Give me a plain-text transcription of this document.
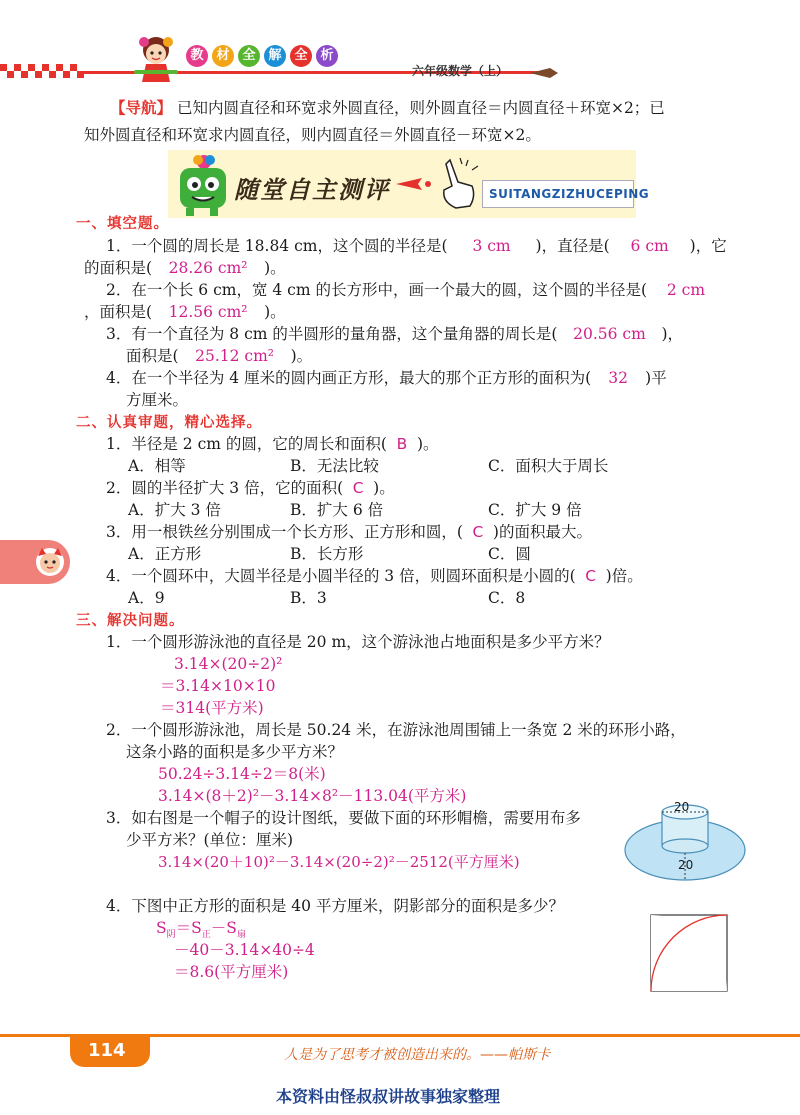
教 材 全 解 全 析
六年级数学（上）
【导航】 已知内圆直径和环宽求外圆直径，则外圆直径＝内圆直径＋环宽×2；已
知外圆直径和环宽求内圆直径，则内圆直径＝外圆直径－环宽×2。
随堂自主测评	SUITANGZIZHUCEPING
一、填空题。
1．一个圆的周长是 18.84 cm，这个圆的半径是( 3 cm )，直径是( 6 cm )，它
的面积是( 28.26 cm² )。
2．在一个长 6 cm，宽 4 cm 的长方形中，画一个最大的圆，这个圆的半径是( 2 cm
，面积是( 12.56 cm² )。
3．有一个直径为 8 cm 的半圆形的量角器，这个量角器的周长是( 20.56 cm )，
面积是( 25.12 cm² )。
4．在一个半径为 4 厘米的圆内画正方形，最大的那个正方形的面积为( 32 )平
方厘米。
二、认真审题，精心选择。
1．半径是 2 cm 的圆，它的周长和面积( B )。
A．相等	B．无法比较	C．面积大于周长
2．圆的半径扩大 3 倍，它的面积( C )。
A．扩大 3 倍	B．扩大 6 倍	C．扩大 9 倍
3．用一根铁丝分别围成一个长方形、正方形和圆，( C )的面积最大。
A．正方形	B．长方形	C．圆
4．一个圆环中，大圆半径是小圆半径的 3 倍，则圆环面积是小圆的( C )倍。
A．9	B．3	C．8
三、解决问题。
1．一个圆形游泳池的直径是 20 m，这个游泳池占地面积是多少平方米？
3.14×(20÷2)²
＝3.14×10×10
＝314(平方米)
2．一个圆形游泳池，周长是 50.24 米，在游泳池周围铺上一条宽 2 米的环形小路，
这条小路的面积是多少平方米？
50.24÷3.14÷2＝8(米)
3.14×(8＋2)²－3.14×8²－113.04(平方米)
3．如右图是一个帽子的设计图纸，要做下面的环形帽檐，需要用布多
少平方米？(单位：厘米)
3.14×(20＋10)²－3.14×(20÷2)²－2512(平方厘米)
20
20
4．下图中正方形的面积是 40 平方厘米，阴影部分的面积是多少？
$S_阴=S_正-S_扇$
－40－3.14×40÷4
＝8.6(平方厘米)
114	人是为了思考才被创造出来的。——帕斯卡
本资料由怪叔叔讲故事独家整理
